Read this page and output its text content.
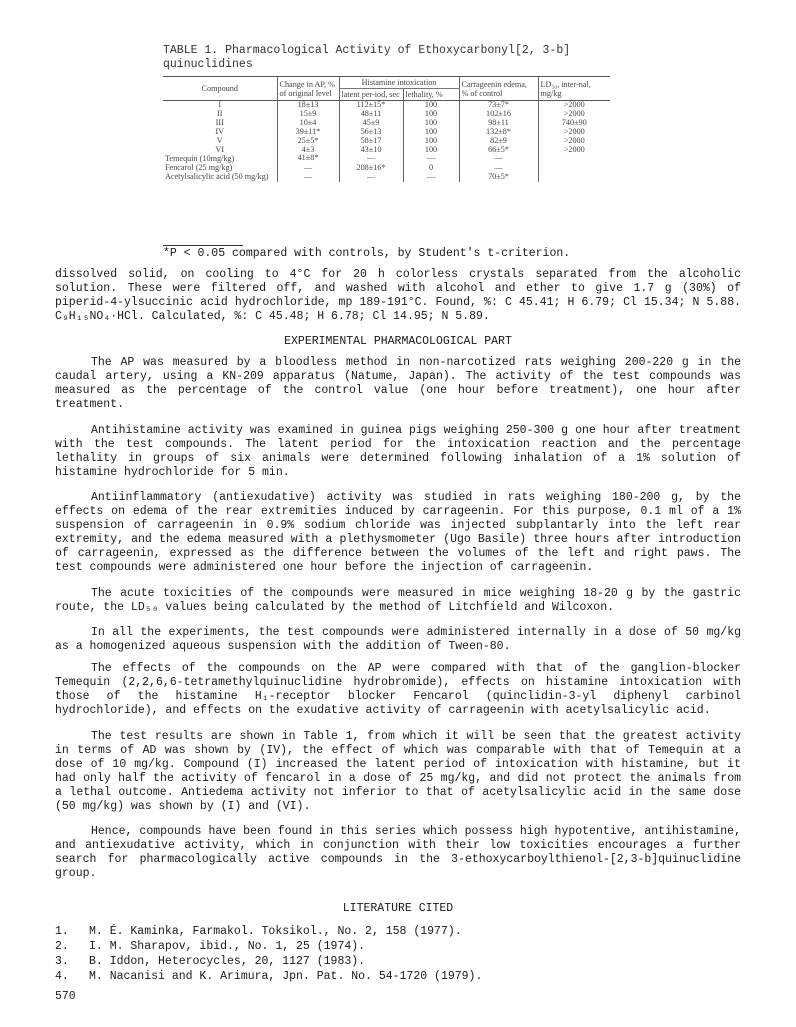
TABLE 1. Pharmacological Activity of Ethoxycarbonyl[2, 3-b]
quinuclidines
Compound	Change in AP, % of original level	Histamine intoxication		Carrageenin edema, % of control	LD₅₀, inter-nal, mg/kg
		latent per-iod, sec	lethality, %		
I	18±13	112±15*	100	73±7*	>2000
II	15±9	48±11	100	102±16	>2000
III	10±4	45±9	100	98±11	740±90
IV	39±11*	56±13	100	132±8*	>2000
V	25±5*	58±17	100	82±9	>2000
VI	4±3	43±10	100	66±5*	>2000
Temequin (10mg/kg)	41±8*	—	—	—	
Fencarol (25 mg/kg)	—	208±16*	0	—	
Acetylsalicylic acid (50 mg/kg)	—	—	—	70±5*	
*P < 0.05 compared with controls, by Student's t-criterion.

dissolved solid, on cooling to 4°C for 20 h colorless crystals separated from the alcoholic solution. These were filtered off, and washed with alcohol and ether to give 1.7 g (30%) of piperid-4-ylsuccinic acid hydrochloride, mp 189-191°C. Found, %: C 45.41; H 6.79; Cl 15.34; N 5.88. C₉H₁₅NO₄·HCl. Calculated, %: C 45.48; H 6.78; Cl 14.95; N 5.89.

EXPERIMENTAL PHARMACOLOGICAL PART

The AP was measured by a bloodless method in non-narcotized rats weighing 200-220 g in the caudal artery, using a KN-209 apparatus (Natume, Japan). The activity of the test compounds was measured as the percentage of the control value (one hour before treatment), one hour after treatment.

Antihistamine activity was examined in guinea pigs weighing 250-300 g one hour after treatment with the test compounds. The latent period for the intoxication reaction and the percentage lethality in groups of six animals were determined following inhalation of a 1% solution of histamine hydrochloride for 5 min.

Antiinflammatory (antiexudative) activity was studied in rats weighing 180-200 g, by the effects on edema of the rear extremities induced by carrageenin. For this purpose, 0.1 ml of a 1% suspension of carrageenin in 0.9% sodium chloride was injected subplantarly into the left rear extremity, and the edema measured with a plethysmometer (Ugo Basile) three hours after introduction of carrageenin, expressed as the difference between the volumes of the left and right paws. The test compounds were administered one hour before the injection of carrageenin.

The acute toxicities of the compounds were measured in mice weighing 18-20 g by the gastric route, the LD₅₀ values being calculated by the method of Litchfield and Wilcoxon.

In all the experiments, the test compounds were administered internally in a dose of 50 mg/kg as a homogenized aqueous suspension with the addition of Tween-80.

The effects of the compounds on the AP were compared with that of the ganglion-blocker Temequin (2,2,6,6-tetramethylquinuclidine hydrobromide), effects on histamine intoxication with those of the histamine H₁-receptor blocker Fencarol (quinclidin-3-yl diphenyl carbinol hydrochloride), and effects on the exudative activity of carrageenin with acetylsalicylic acid.

The test results are shown in Table 1, from which it will be seen that the greatest activity in terms of AD was shown by (IV), the effect of which was comparable with that of Temequin at a dose of 10 mg/kg. Compound (I) increased the latent period of intoxication with histamine, but it had only half the activity of fencarol in a dose of 25 mg/kg, and did not protect the animals from a lethal outcome. Antiedema activity not inferior to that of acetylsalicylic acid in the same dose (50 mg/kg) was shown by (I) and (VI).

Hence, compounds have been found in this series which possess high hypotentive, antihistamine, and antiexudative activity, which in conjunction with their low toxicities encourages a further search for pharmacologically active compounds in the 3-ethoxycarboylthienol-[2,3-b]quinuclidine group.

LITERATURE CITED
1. M. É. Kaminka, Farmakol. Toksikol., No. 2, 158 (1977).
2. I. M. Sharapov, ibid., No. 1, 25 (1974).
3. B. Iddon, Heterocycles, 20, 1127 (1983).
4. M. Nacanisi and K. Arimura, Jpn. Pat. No. 54-1720 (1979).
570
